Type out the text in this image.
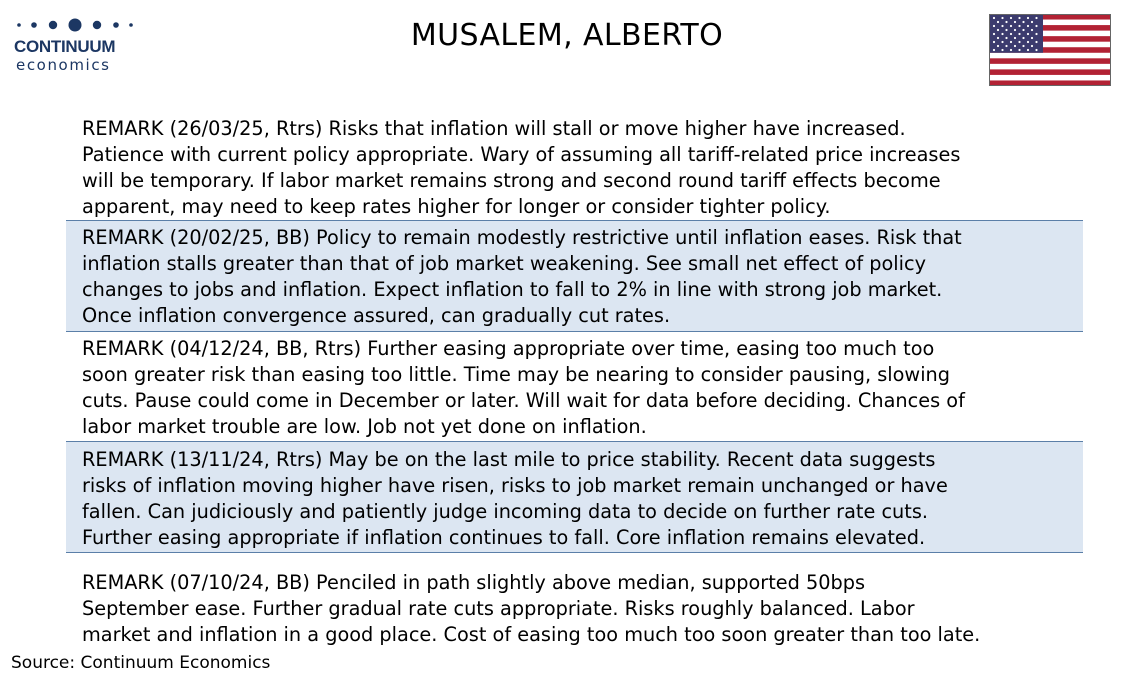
CONTINUUM
economics
MUSALEM, ALBERTO
REMARK (26/03/25, Rtrs) Risks that inflation will stall or move higher have increased.
Patience with current policy appropriate. Wary of assuming all tariff-related price increases
will be temporary. If labor market remains strong and second round tariff effects become
apparent, may need to keep rates higher for longer or consider tighter policy.
REMARK (20/02/25, BB) Policy to remain modestly restrictive until inflation eases. Risk that
inflation stalls greater than that of job market weakening. See small net effect of policy
changes to jobs and inflation. Expect inflation to fall to 2% in line with strong job market.
Once inflation convergence assured, can gradually cut rates.
REMARK (04/12/24, BB, Rtrs) Further easing appropriate over time, easing too much too
soon greater risk than easing too little. Time may be nearing to consider pausing, slowing
cuts. Pause could come in December or later. Will wait for data before deciding. Chances of
labor market trouble are low. Job not yet done on inflation.
REMARK (13/11/24, Rtrs) May be on the last mile to price stability. Recent data suggests
risks of inflation moving higher have risen, risks to job market remain unchanged or have
fallen. Can judiciously and patiently judge incoming data to decide on further rate cuts.
Further easing appropriate if inflation continues to fall. Core inflation remains elevated.
REMARK (07/10/24, BB) Penciled in path slightly above median, supported 50bps
September ease. Further gradual rate cuts appropriate. Risks roughly balanced. Labor
market and inflation in a good place. Cost of easing too much too soon greater than too late.
Source: Continuum Economics
